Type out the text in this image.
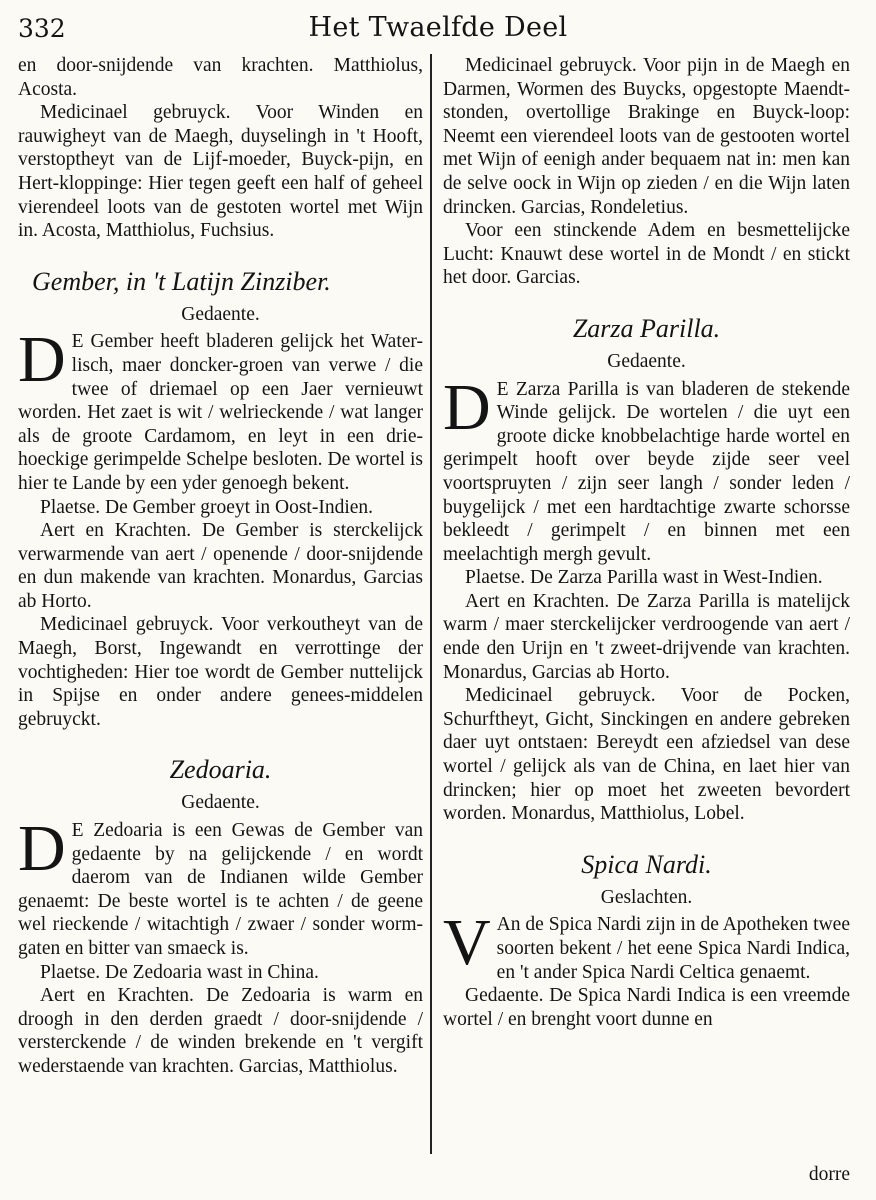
332	Het Twaelfde Deel

en door-snijdende van krachten. Matthiolus, Acosta.

Medicinael gebruyck. Voor Winden en rauwigheyt van de Maegh, duyselingh in 't Hooft, verstoptheyt van de Lijf-moeder, Buyck-pijn, en Hert-kloppinge: Hier tegen geeft een half of geheel vierendeel loots van de gestoten wortel met Wijn in. Acosta, Matthiolus, Fuchsius.

Gember, in 't Latijn Zinziber.
Gedaente.

D E Gember heeft bladeren gelijck het Water-lisch, maer doncker-groen van verwe / die twee of driemael op een Jaer vernieuwt worden. Het zaet is wit / welrieckende / wat langer als de groote Cardamom, en leyt in een drie-hoeckige gerimpelde Schelpe besloten. De wortel is hier te Lande by een yder genoegh bekent.

Plaetse. De Gember groeyt in Oost-Indien.

Aert en Krachten. De Gember is sterckelijck verwarmende van aert / openende / door-snijdende en dun makende van krachten. Monardus, Garcias ab Horto.

Medicinael gebruyck. Voor verkoutheyt van de Maegh, Borst, Ingewandt en verrottinge der vochtigheden: Hier toe wordt de Gember nuttelijck in Spijse en onder andere genees-middelen gebruyckt.

Zedoaria.
Gedaente.

D E Zedoaria is een Gewas de Gember van gedaente by na gelijckende / en wordt daerom van de Indianen wilde Gember genaemt: De beste wortel is te achten / de geene wel rieckende / witachtigh / zwaer / sonder worm-gaten en bitter van smaeck is.

Plaetse. De Zedoaria wast in China.

Aert en Krachten. De Zedoaria is warm en droogh in den derden graedt / door-snijdende / versterckende / de winden brekende en 't vergift wederstaende van krachten. Garcias, Matthiolus.

Medicinael gebruyck. Voor pijn in de Maegh en Darmen, Wormen des Buycks, opgestopte Maendt-stonden, overtollige Brakinge en Buyck-loop: Neemt een vierendeel loots van de gestooten wortel met Wijn of eenigh ander bequaem nat in: men kan de selve oock in Wijn op zieden / en die Wijn laten drincken. Garcias, Rondeletius.

Voor een stinckende Adem en besmettelijcke Lucht: Knauwt dese wortel in de Mondt / en stickt het door. Garcias.

Zarza Parilla.
Gedaente.

D E Zarza Parilla is van bladeren de stekende Winde gelijck. De wortelen / die uyt een groote dicke knobbelachtige harde wortel en gerimpelt hooft over beyde zijde seer veel voortspruyten / zijn seer langh / sonder leden / buygelijck / met een hardtachtige zwarte schorsse bekleedt / gerimpelt / en binnen met een meelachtigh mergh gevult.

Plaetse. De Zarza Parilla wast in West-Indien.

Aert en Krachten. De Zarza Parilla is matelijck warm / maer sterckelijcker verdroogende van aert / ende den Urijn en 't zweet-drijvende van krachten. Monardus, Garcias ab Horto.

Medicinael gebruyck. Voor de Pocken, Schurftheyt, Gicht, Sinckingen en andere gebreken daer uyt ontstaen: Bereydt een afziedsel van dese wortel / gelijck als van de China, en laet hier van drincken; hier op moet het zweeten bevordert worden. Monardus, Matthiolus, Lobel.

Spica Nardi.
Geslachten.

V An de Spica Nardi zijn in de Apotheken twee soorten bekent / het eene Spica Nardi Indica, en 't ander Spica Nardi Celtica genaemt.

Gedaente. De Spica Nardi Indica is een vreemde wortel / en brenght voort dunne en

dorre
